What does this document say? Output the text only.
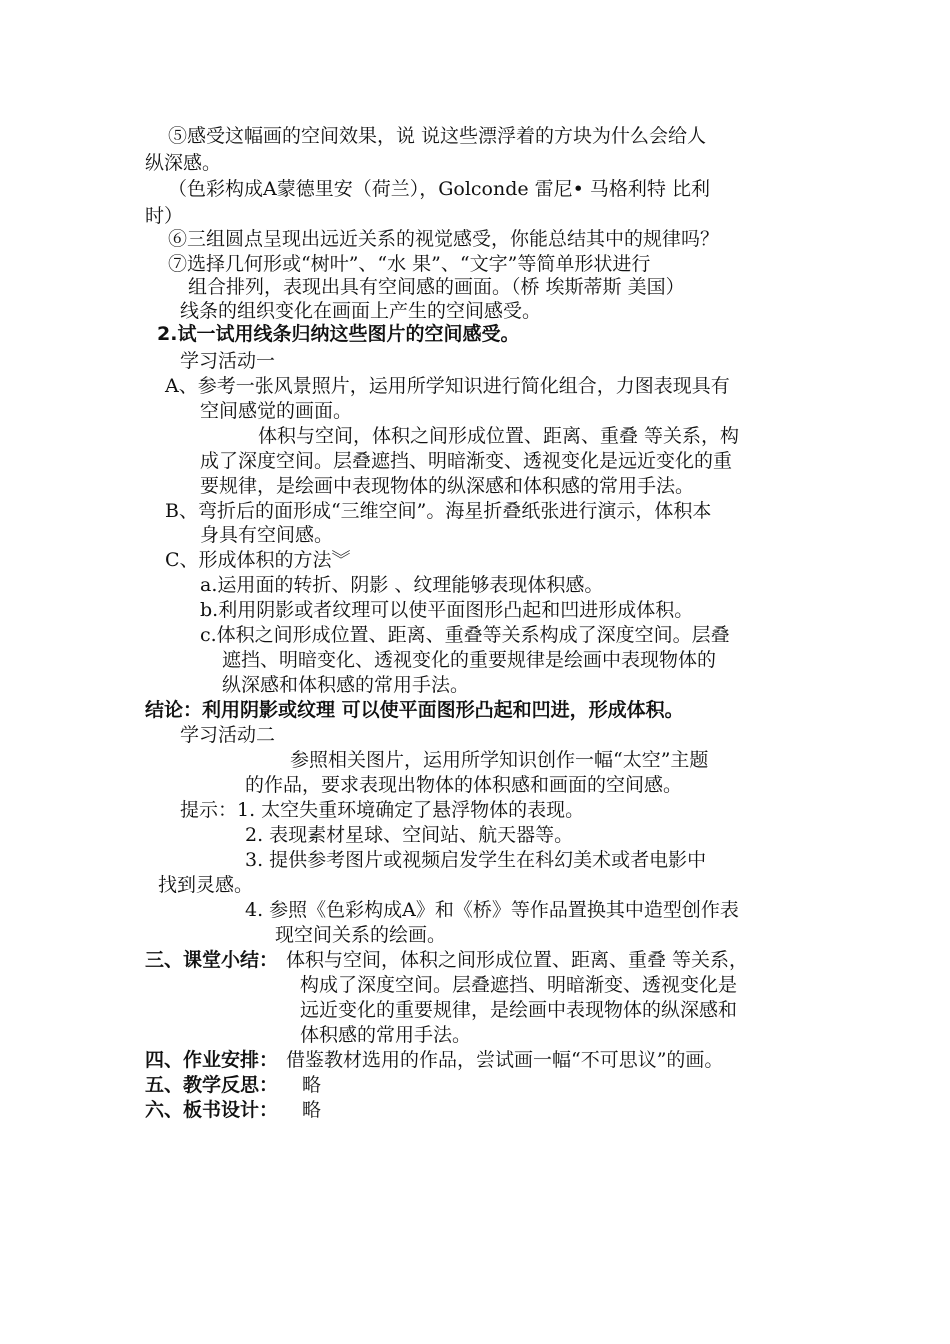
⑤感受这幅画的空间效果，说 说这些漂浮着的方块为什么会给人
纵深感。
（色彩构成A蒙德里安（荷兰），Golconde 雷尼• 马格利特 比利
时）
⑥三组圆点呈现出远近关系的视觉感受，你能总结其中的规律吗？
⑦选择几何形或“树叶”、“水 果”、“文字”等简单形状进行
组合排列，表现出具有空间感的画面。（桥 埃斯蒂斯 美国）
线条的组织变化在画面上产生的空间感受。
2.试一试用线条归纳这些图片的空间感受。
学习活动一
A、参考一张风景照片，运用所学知识进行简化组合，力图表现具有
空间感觉的画面。
体积与空间，体积之间形成位置、距离、重叠 等关系，构
成了深度空间。层叠遮挡、明暗渐变、透视变化是远近变化的重
要规律，是绘画中表现物体的纵深感和体积感的常用手法。
B、弯折后的面形成“三维空间”。海星折叠纸张进行演示，体积本
身具有空间感。
C、形成体积的方法︾
a.运用面的转折、阴影 、纹理能够表现体积感。
b.利用阴影或者纹理可以使平面图形凸起和凹进形成体积。
c.体积之间形成位置、距离、重叠等关系构成了深度空间。层叠
遮挡、明暗变化、透视变化的重要规律是绘画中表现物体的
纵深感和体积感的常用手法。
结论：利用阴影或纹理 可以使平面图形凸起和凹进，形成体积。
学习活动二
参照相关图片，运用所学知识创作一幅“太空”主题
的作品，要求表现出物体的体积感和画面的空间感。
提示：1. 太空失重环境确定了悬浮物体的表现。
2. 表现素材星球、空间站、航天器等。
3. 提供参考图片或视频启发学生在科幻美术或者电影中
找到灵感。
4. 参照《色彩构成A》和《桥》等作品置换其中造型创作表
现空间关系的绘画。
三、课堂小结： 体积与空间，体积之间形成位置、距离、重叠 等关系，
构成了深度空间。层叠遮挡、明暗渐变、透视变化是
远近变化的重要规律，是绘画中表现物体的纵深感和
体积感的常用手法。
四、作业安排： 借鉴教材选用的作品，尝试画一幅“不可思议”的画。
五、教学反思： 略
六、板书设计： 略
